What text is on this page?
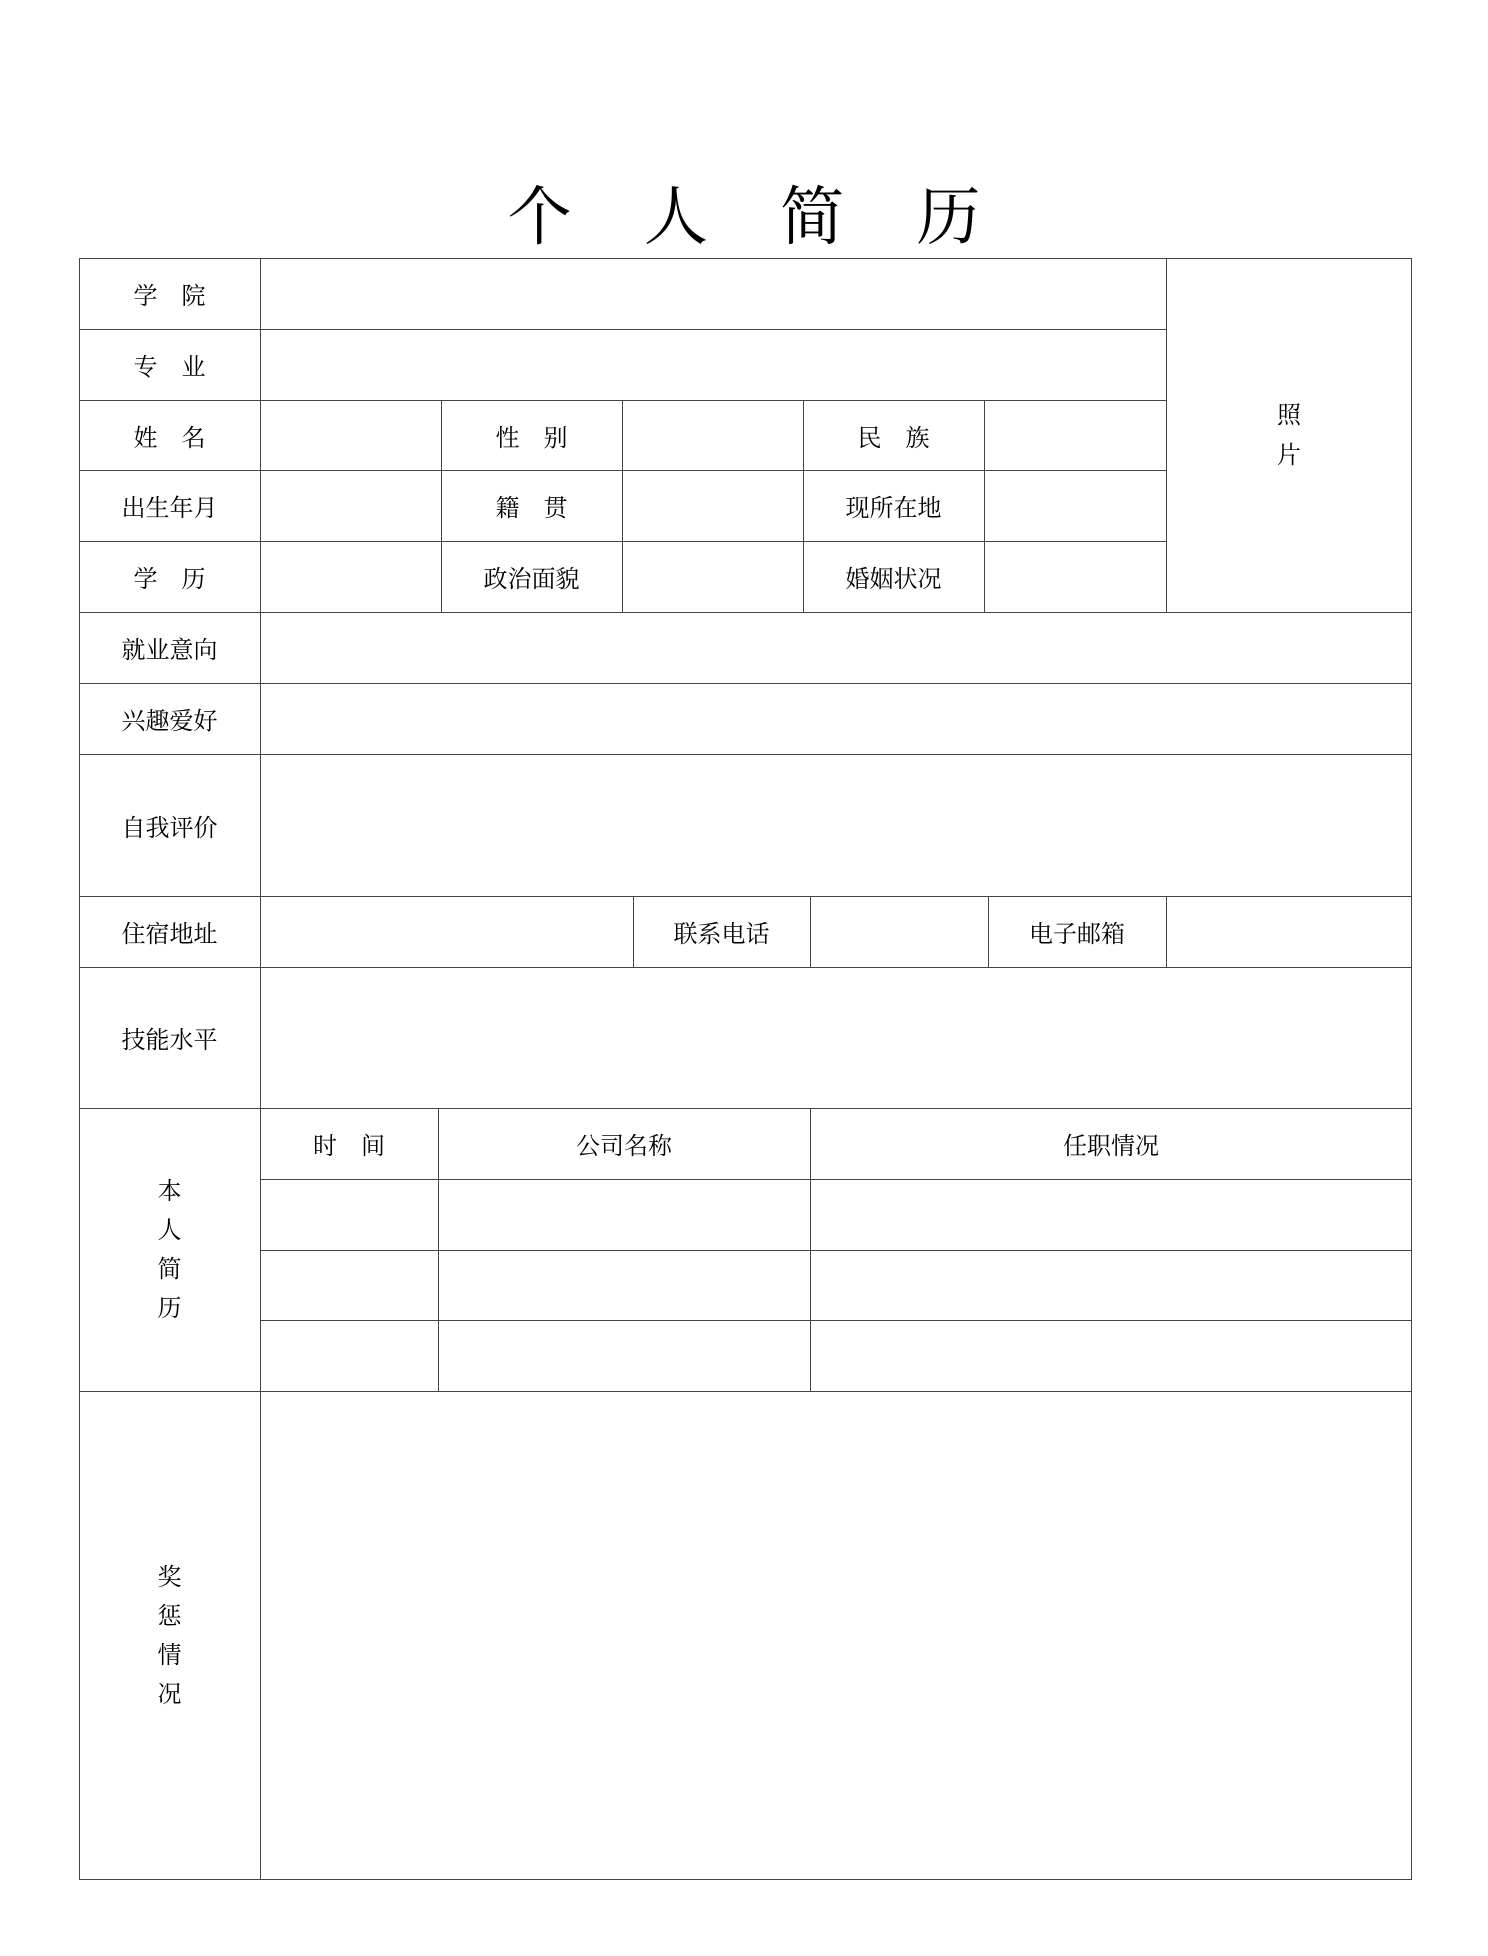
个 人 简 历
学　院
专　业
照
片
姓　名	性　别	民　族
出生年月	籍　贯	现所在地
学　历	政治面貌	婚姻状况
就业意向
兴趣爱好
自我评价
住宿地址	联系电话	电子邮箱
技能水平
本
人
简
历
时　间	公司名称	任职情况
奖
惩
情
况
